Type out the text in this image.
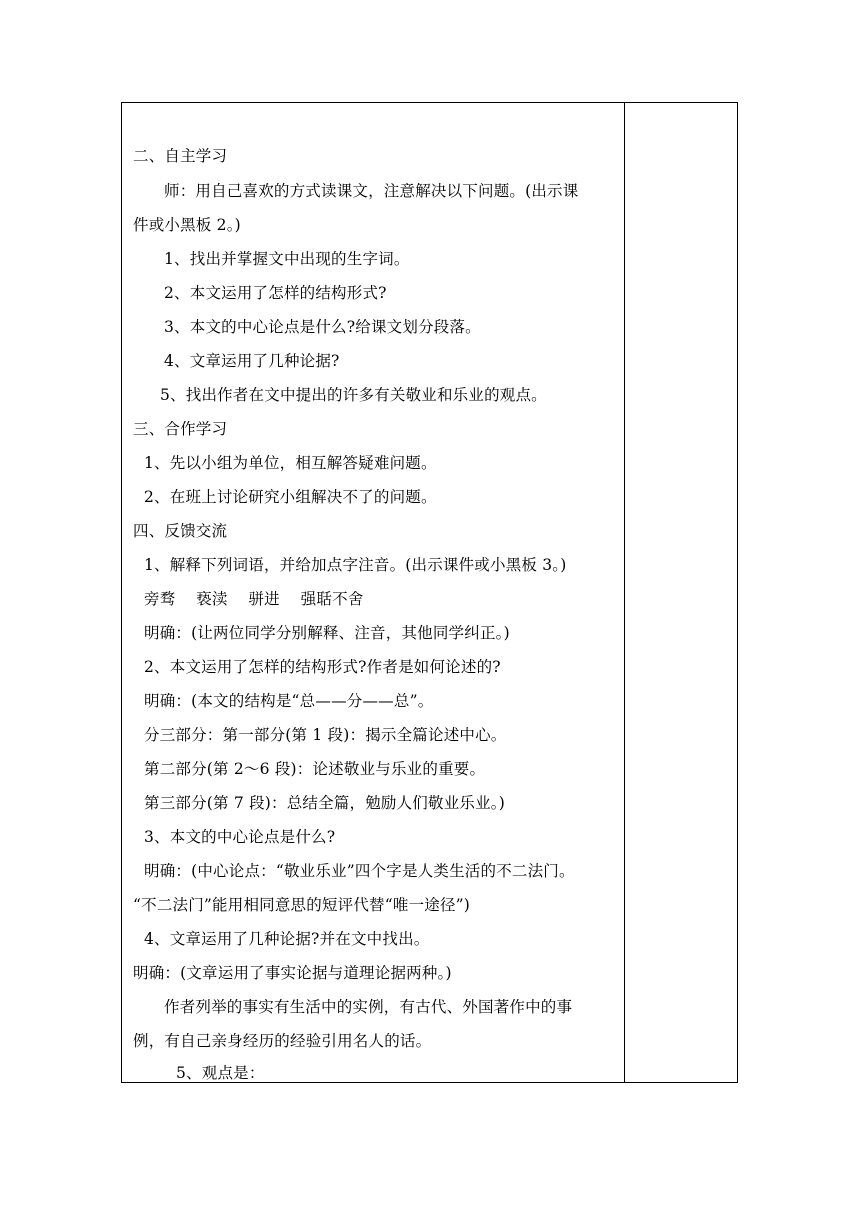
二、自主学习
师：用自己喜欢的方式读课文，注意解决以下问题。(出示课
件或小黑板 2。)
1、找出并掌握文中出现的生字词。
2、本文运用了怎样的结构形式?
3、本文的中心论点是什么?给课文划分段落。
4、文章运用了几种论据?
5、找出作者在文中提出的许多有关敬业和乐业的观点。
三、合作学习
1、先以小组为单位，相互解答疑难问题。
2、在班上讨论研究小组解决不了的问题。
四、反馈交流
1、解释下列词语，并给加点字注音。(出示课件或小黑板 3。)
旁骛　 亵渎　 骈进　 强聒不舍
明确：(让两位同学分别解释、注音，其他同学纠正。)
2、本文运用了怎样的结构形式?作者是如何论述的?
明确：(本文的结构是“总——分——总”。
分三部分：第一部分(第 1 段)：揭示全篇论述中心。
第二部分(第 2～6 段)：论述敬业与乐业的重要。
第三部分(第 7 段)：总结全篇，勉励人们敬业乐业。)
3、本文的中心论点是什么?
明确：(中心论点：“敬业乐业”四个字是人类生活的不二法门。
“不二法门”能用相同意思的短评代替“唯一途径”)
4、文章运用了几种论据?并在文中找出。
明确：(文章运用了事实论据与道理论据两种。)
作者列举的事实有生活中的实例，有古代、外国著作中的事
例，有自己亲身经历的经验引用名人的话。
5、观点是：
